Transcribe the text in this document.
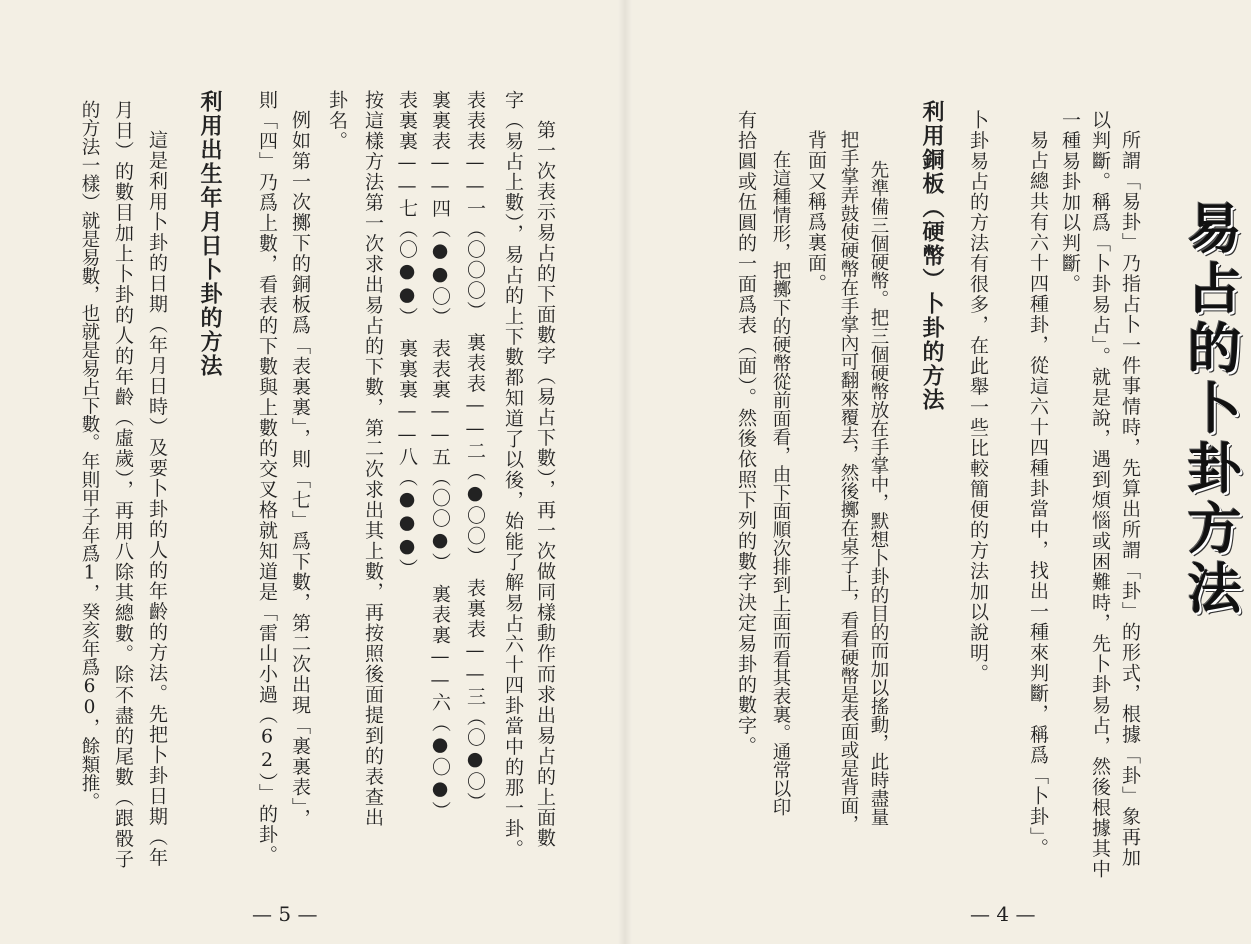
易占的卜卦方法
所謂「易卦」乃指占卜一件事情時，先算出所謂「卦」的形式，根據「卦」象再加
以判斷。稱爲「卜卦易占」。就是說，遇到煩惱或困難時，先卜卦易占，然後根據其中
一種易卦加以判斷。
易占總共有六十四種卦，從這六十四種卦當中，找出一種來判斷，稱爲「卜卦」。
卜卦易占的方法有很多，在此舉一些比較簡便的方法加以說明。
利用銅板（硬幣）卜卦的方法
先準備三個硬幣。把三個硬幣放在手掌中，默想卜卦的目的而加以搖動，此時盡量
把手掌弄鼓使硬幣在手掌內可翻來覆去，然後擲在桌子上，看看硬幣是表面或是背面，
背面又稱爲裏面。
在這種情形，把擲下的硬幣從前面看，由下面順次排到上面而看其表裏。通常以印
有拾圓或伍圓的一面爲表（面）。然後依照下列的數字決定易卦的數字。
— 4 —
第一次表示易占的下面數字（易占下數），再一次做同樣動作而求出易占的上面數
字（易占上數），易占的上下數都知道了以後，始能了解易占六十四卦當中的那一卦。
表表表——一（〇〇〇）　裏表表——二（●〇〇）　表裏表——三（〇●〇）
裏裏表——四（●●〇）　表表裏——五（〇〇●）　裏表裏——六（●〇●）
表裏裏——七（〇●●）　裏裏裏——八（●●●）
按這樣方法第一次求出易占的下數，第二次求出其上數，再按照後面提到的表查出
卦名。
例如第一次擲下的銅板爲「表裏裏」，則「七」爲下數，第二次出現「裏裏表」，
則「四」乃爲上數，看表的下數與上數的交叉格就知道是「雷山小過（62）」的卦。
利用出生年月日卜卦的方法
這是利用卜卦的日期（年月日時）及要卜卦的人的年齡的方法。先把卜卦日期（年
月日）的數目加上卜卦的人的年齡（虛歲），再用八除其總數。除不盡的尾數（跟骰子
的方法一樣）就是易數，也就是易占下數。年則甲子年爲1，癸亥年爲60，餘類推。
— 5 —
